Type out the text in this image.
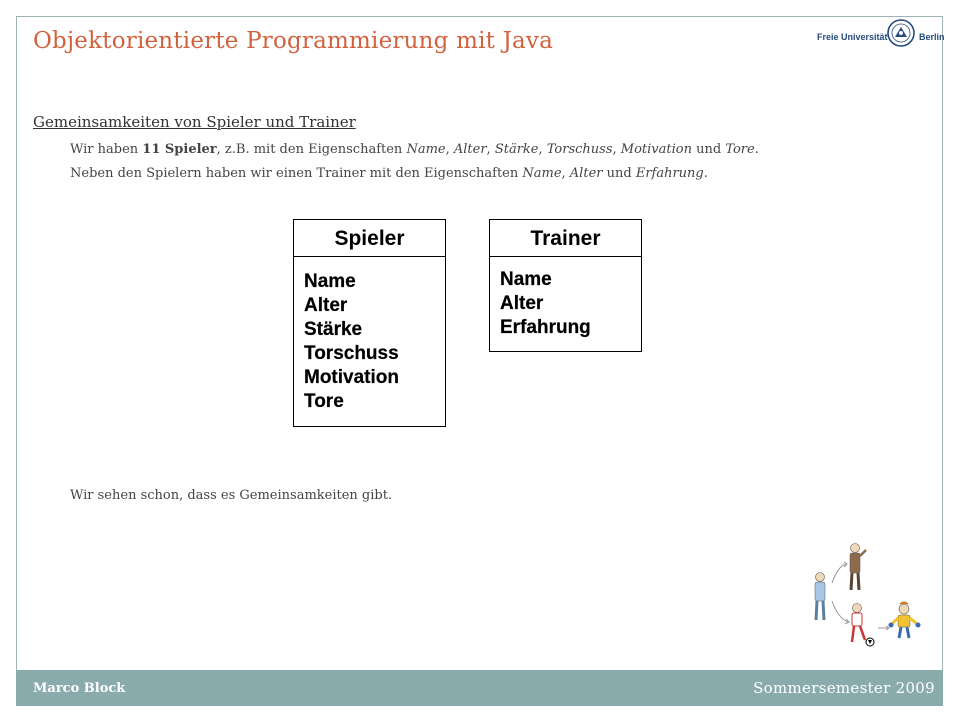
Objektorientierte Programmierung mit Java	Freie Universität	Berlin
Gemeinsamkeiten von Spieler und Trainer
Wir haben 11 Spieler, z.B. mit den Eigenschaften Name, Alter, Stärke, Torschuss, Motivation und Tore.
Neben den Spielern haben wir einen Trainer mit den Eigenschaften Name, Alter und Erfahrung.
Spieler
Name
Alter
Stärke
Torschuss
Motivation
Tore
Trainer
Name
Alter
Erfahrung
Wir sehen schon, dass es Gemeinsamkeiten gibt.
Marco Block	Sommersemester 2009
